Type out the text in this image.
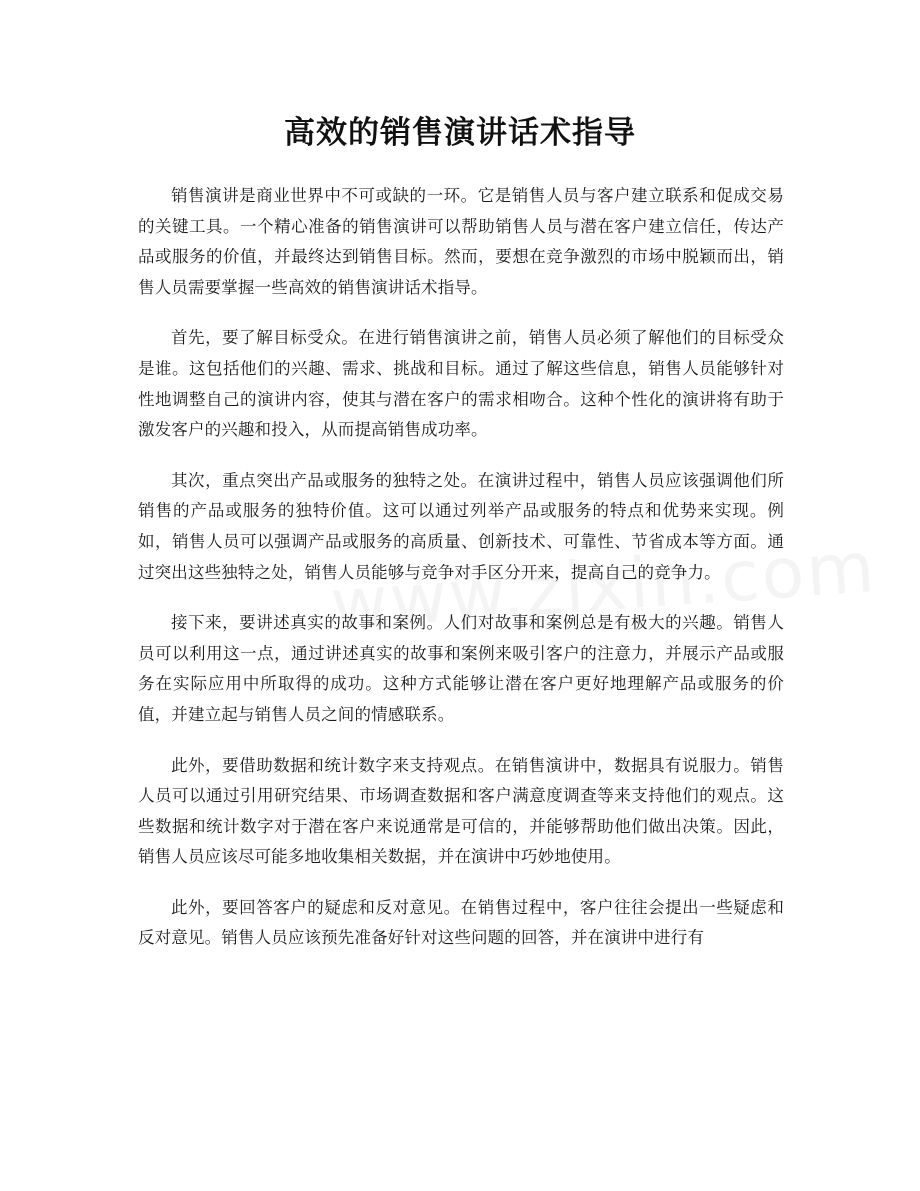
高效的销售演讲话术指导

销售演讲是商业世界中不可或缺的一环。它是销售人员与客户建立联系和促成交易的关键工具。一个精心准备的销售演讲可以帮助销售人员与潜在客户建立信任，传达产品或服务的价值，并最终达到销售目标。然而，要想在竞争激烈的市场中脱颖而出，销售人员需要掌握一些高效的销售演讲话术指导。

首先，要了解目标受众。在进行销售演讲之前，销售人员必须了解他们的目标受众是谁。这包括他们的兴趣、需求、挑战和目标。通过了解这些信息，销售人员能够针对性地调整自己的演讲内容，使其与潜在客户的需求相吻合。这种个性化的演讲将有助于激发客户的兴趣和投入，从而提高销售成功率。

其次，重点突出产品或服务的独特之处。在演讲过程中，销售人员应该强调他们所销售的产品或服务的独特价值。这可以通过列举产品或服务的特点和优势来实现。例如，销售人员可以强调产品或服务的高质量、创新技术、可靠性、节省成本等方面。通过突出这些独特之处，销售人员能够与竞争对手区分开来，提高自己的竞争力。

接下来，要讲述真实的故事和案例。人们对故事和案例总是有极大的兴趣。销售人员可以利用这一点，通过讲述真实的故事和案例来吸引客户的注意力，并展示产品或服务在实际应用中所取得的成功。这种方式能够让潜在客户更好地理解产品或服务的价值，并建立起与销售人员之间的情感联系。

此外，要借助数据和统计数字来支持观点。在销售演讲中，数据具有说服力。销售人员可以通过引用研究结果、市场调查数据和客户满意度调查等来支持他们的观点。这些数据和统计数字对于潜在客户来说通常是可信的，并能够帮助他们做出决策。因此，销售人员应该尽可能多地收集相关数据，并在演讲中巧妙地使用。

此外，要回答客户的疑虑和反对意见。在销售过程中，客户往往会提出一些疑虑和反对意见。销售人员应该预先准备好针对这些问题的回答，并在演讲中进行有
